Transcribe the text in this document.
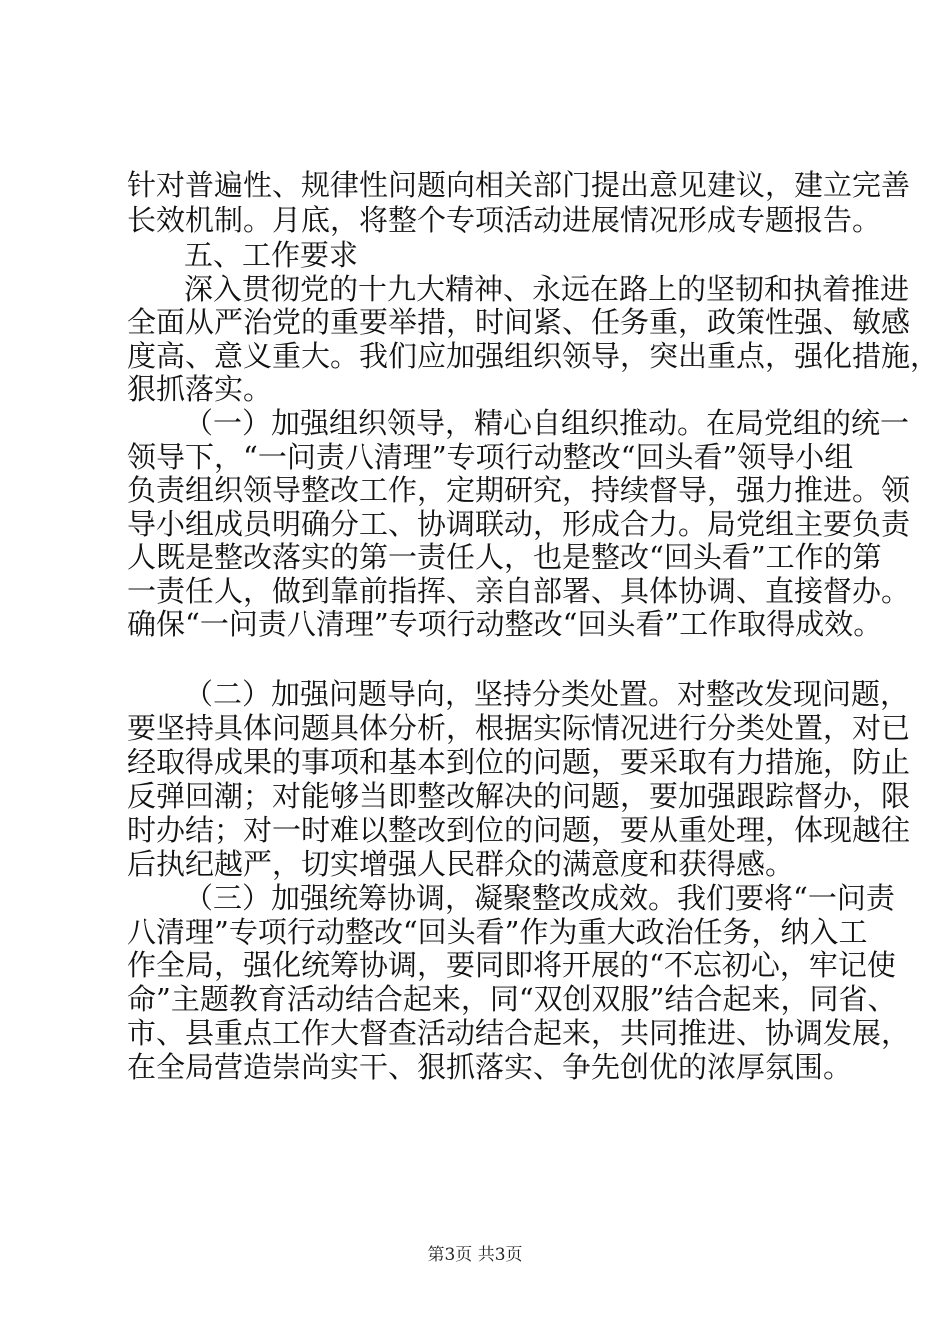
针对普遍性、规律性问题向相关部门提出意见建议，建立完善
长效机制。月底，将整个专项活动进展情况形成专题报告。
五、工作要求
深入贯彻党的十九大精神、永远在路上的坚韧和执着推进
全面从严治党的重要举措，时间紧、任务重，政策性强、敏感
度高、意义重大。我们应加强组织领导，突出重点，强化措施，
狠抓落实。
（一）加强组织领导，精心自组织推动。在局党组的统一
领导下，“一问责八清理”专项行动整改“回头看”领导小组
负责组织领导整改工作，定期研究，持续督导，强力推进。领
导小组成员明确分工、协调联动，形成合力。局党组主要负责
人既是整改落实的第一责任人，也是整改“回头看”工作的第
一责任人，做到靠前指挥、亲自部署、具体协调、直接督办。
确保“一问责八清理”专项行动整改“回头看”工作取得成效。
（二）加强问题导向，坚持分类处置。对整改发现问题，
要坚持具体问题具体分析，根据实际情况进行分类处置，对已
经取得成果的事项和基本到位的问题，要采取有力措施，防止
反弹回潮；对能够当即整改解决的问题，要加强跟踪督办，限
时办结；对一时难以整改到位的问题，要从重处理，体现越往
后执纪越严，切实增强人民群众的满意度和获得感。
（三）加强统筹协调，凝聚整改成效。我们要将“一问责
八清理”专项行动整改“回头看”作为重大政治任务，纳入工
作全局，强化统筹协调，要同即将开展的“不忘初心，牢记使
命”主题教育活动结合起来，同“双创双服”结合起来，同省、
市、县重点工作大督查活动结合起来，共同推进、协调发展，
在全局营造崇尚实干、狠抓落实、争先创优的浓厚氛围。
第3页 共3页
